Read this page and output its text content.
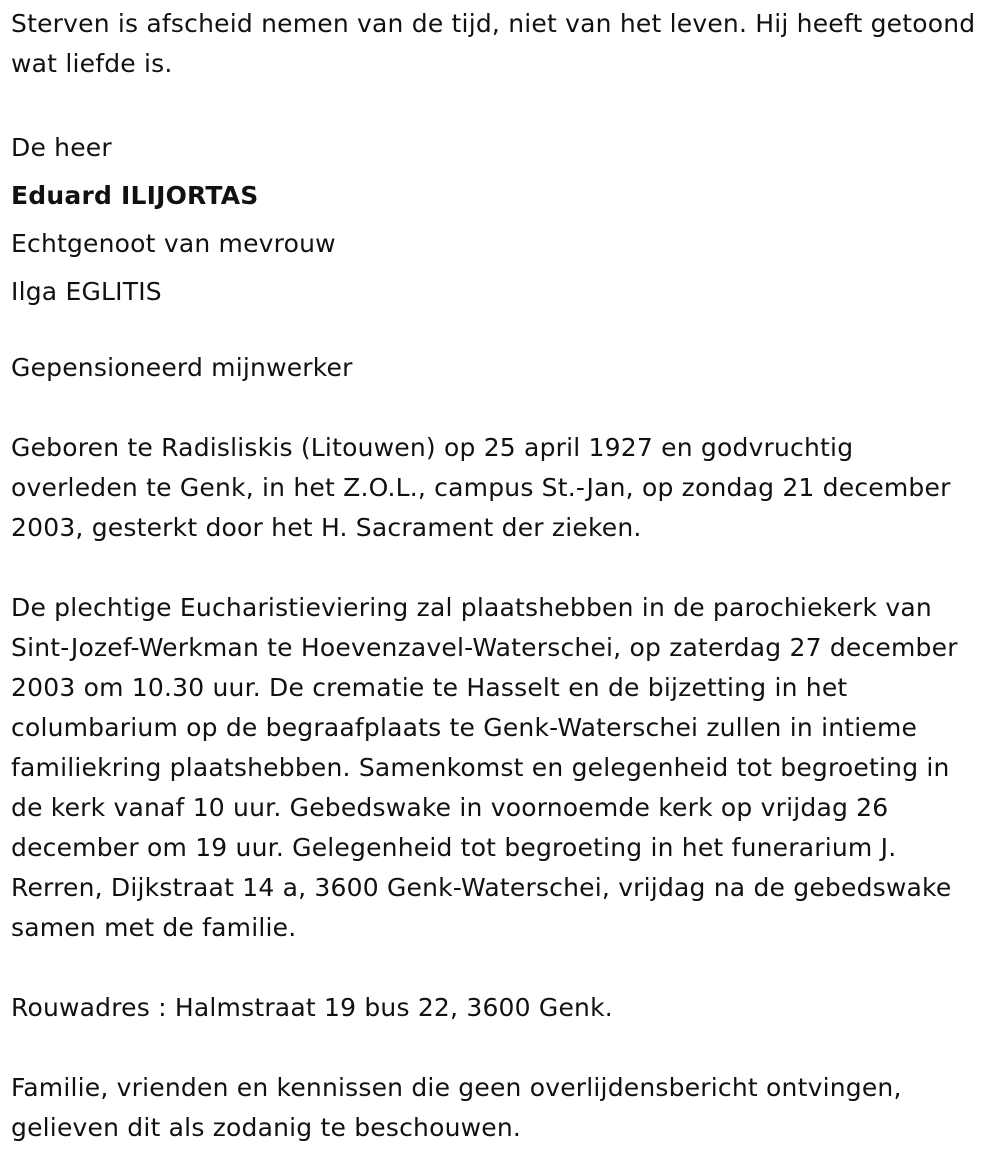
Sterven is afscheid nemen van de tijd, niet van het leven. Hij heeft getoond wat liefde is.

De heer

Eduard ILIJORTAS

Echtgenoot van mevrouw

Ilga EGLITIS

Gepensioneerd mijnwerker

Geboren te Radisliskis (Litouwen) op 25 april 1927 en godvruchtig overleden te Genk, in het Z.O.L., campus St.-Jan, op zondag 21 december 2003, gesterkt door het H. Sacrament der zieken.

De plechtige Eucharistieviering zal plaatshebben in de parochiekerk van Sint-Jozef-Werkman te Hoevenzavel-Waterschei, op zaterdag 27 december 2003 om 10.30 uur. De crematie te Hasselt en de bijzetting in het columbarium op de begraafplaats te Genk-Waterschei zullen in intieme familiekring plaatshebben. Samenkomst en gelegenheid tot begroeting in de kerk vanaf 10 uur. Gebedswake in voornoemde kerk op vrijdag 26 december om 19 uur. Gelegenheid tot begroeting in het funerarium J. Rerren, Dijkstraat 14 a, 3600 Genk-Waterschei, vrijdag na de gebedswake samen met de familie.

Rouwadres : Halmstraat 19 bus 22, 3600 Genk.

Familie, vrienden en kennissen die geen overlijdensbericht ontvingen, gelieven dit als zodanig te beschouwen.
